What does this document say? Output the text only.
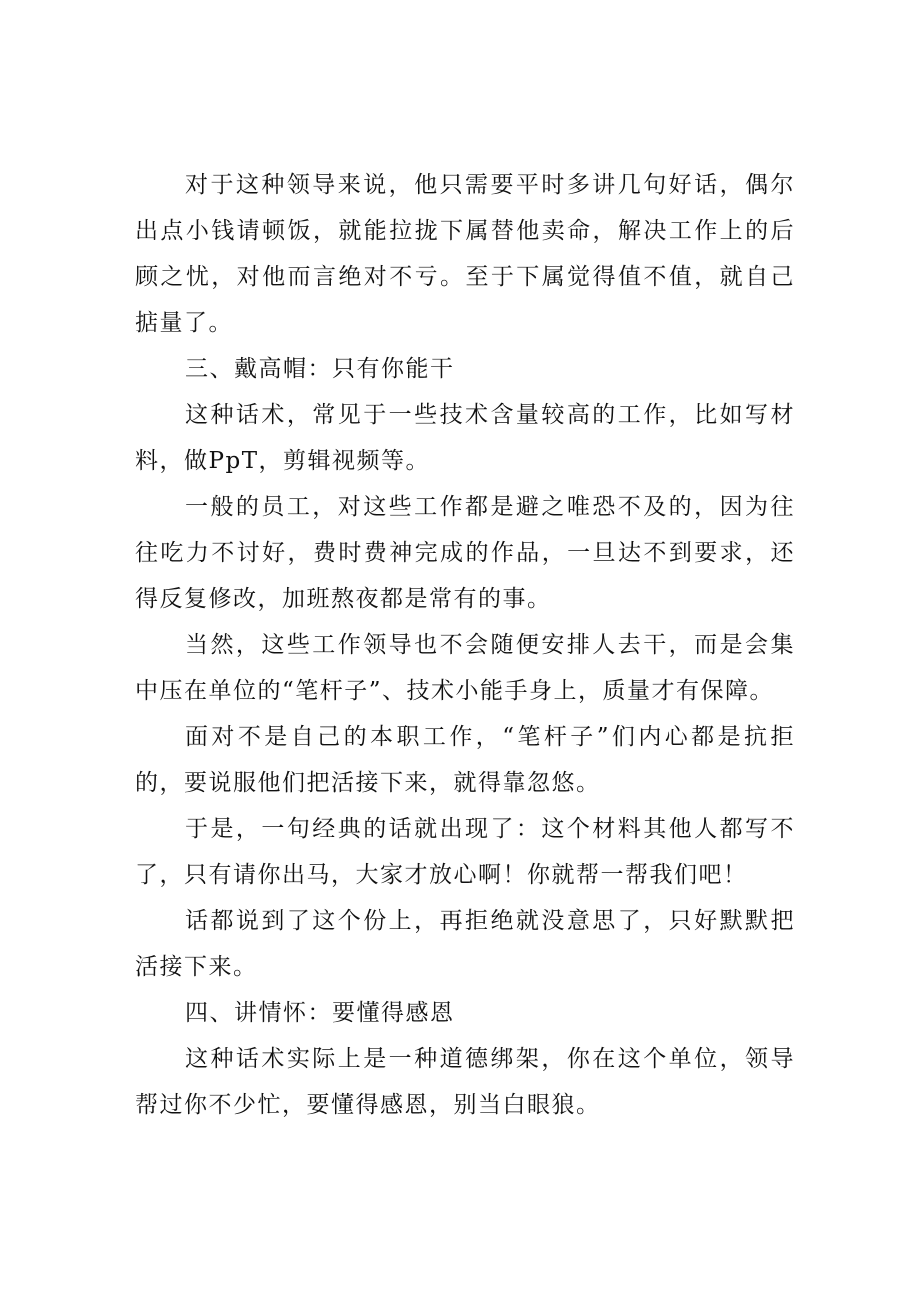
对于这种领导来说，他只需要平时多讲几句好话，偶尔出点小钱请顿饭，就能拉拢下属替他卖命，解决工作上的后顾之忧，对他而言绝对不亏。至于下属觉得值不值，就自己掂量了。

三、戴高帽：只有你能干

这种话术，常见于一些技术含量较高的工作，比如写材料，做PpT，剪辑视频等。

一般的员工，对这些工作都是避之唯恐不及的，因为往往吃力不讨好，费时费神完成的作品，一旦达不到要求，还得反复修改，加班熬夜都是常有的事。

当然，这些工作领导也不会随便安排人去干，而是会集中压在单位的“笔杆子”、技术小能手身上，质量才有保障。

面对不是自己的本职工作，“笔杆子”们内心都是抗拒的，要说服他们把活接下来，就得靠忽悠。

于是，一句经典的话就出现了：这个材料其他人都写不了，只有请你出马，大家才放心啊！你就帮一帮我们吧！

话都说到了这个份上，再拒绝就没意思了，只好默默把活接下来。

四、讲情怀：要懂得感恩

这种话术实际上是一种道德绑架，你在这个单位，领导帮过你不少忙，要懂得感恩，别当白眼狼。
